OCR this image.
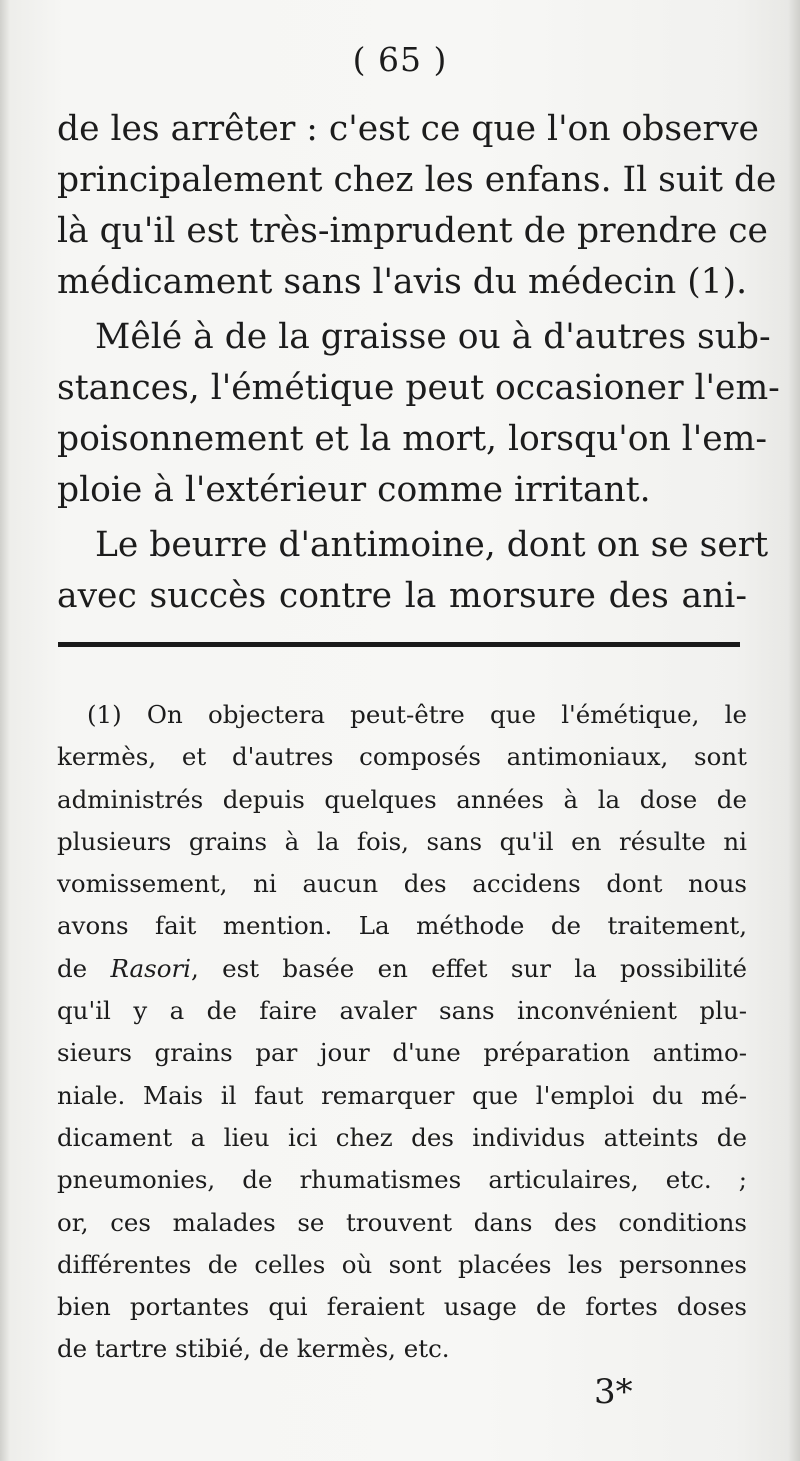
( 65 )
de les arrêter : c'est ce que l'on observe
principalement chez les enfans. Il suit de
là qu'il est très-imprudent de prendre ce
médicament sans l'avis du médecin (1).
Mêlé à de la graisse ou à d'autres sub-
stances, l'émétique peut occasioner l'em-
poisonnement et la mort, lorsqu'on l'em-
ploie à l'extérieur comme irritant.
Le beurre d'antimoine, dont on se sert
avec succès contre la morsure des ani-
(1) On objectera peut-être que l'émétique, le
kermès, et d'autres composés antimoniaux, sont
administrés depuis quelques années à la dose de
plusieurs grains à la fois, sans qu'il en résulte ni
vomissement, ni aucun des accidens dont nous
avons fait mention. La méthode de traitement,
de Rasori, est basée en effet sur la possibilité
qu'il y a de faire avaler sans inconvénient plu-
sieurs grains par jour d'une préparation antimo-
niale. Mais il faut remarquer que l'emploi du mé-
dicament a lieu ici chez des individus atteints de
pneumonies, de rhumatismes articulaires, etc. ;
or, ces malades se trouvent dans des conditions
différentes de celles où sont placées les personnes
bien portantes qui feraient usage de fortes doses
de tartre stibié, de kermès, etc.
3*
